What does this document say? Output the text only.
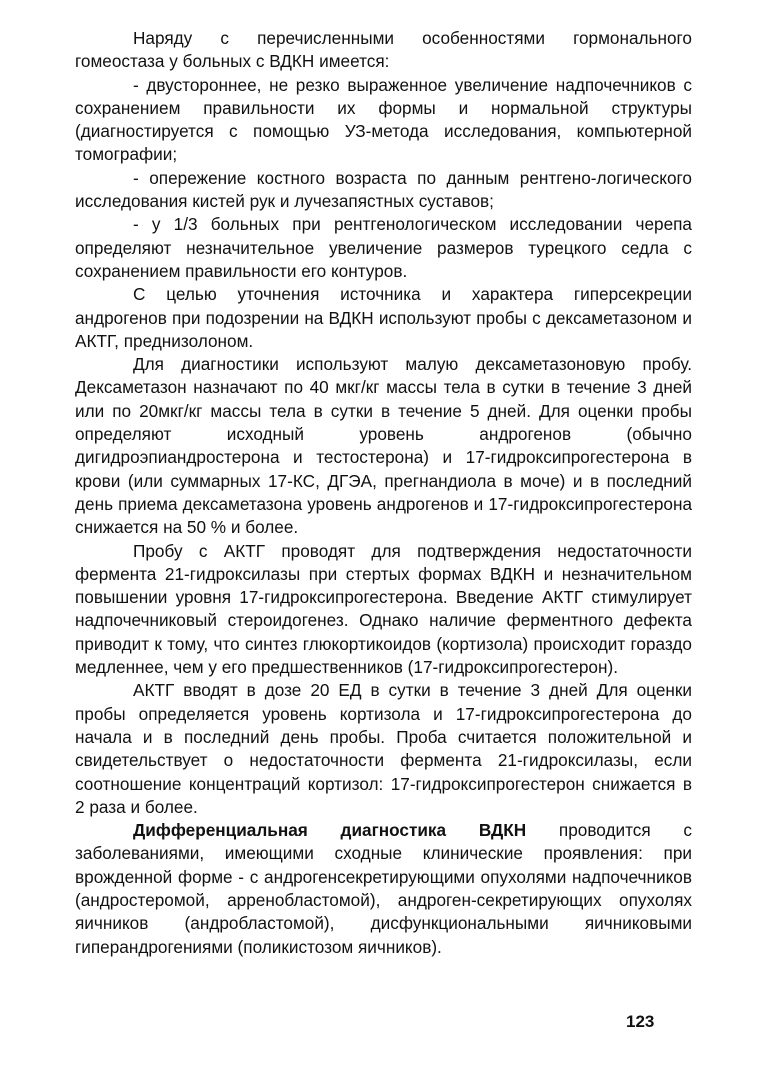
Наряду с перечисленными особенностями гормонального гомеостаза у больных с ВДКН имеется:

- двустороннее, не резко выраженное увеличение надпочечников с сохранением правильности их формы и нормальной структуры (диагностируется с помощью УЗ-метода исследования, компьютерной томографии;

- опережение костного возраста по данным рентгено-логического исследования кистей рук и лучезапястных суставов;

- у 1/3 больных при рентгенологическом исследовании черепа определяют незначительное увеличение размеров турецкого седла с сохранением правильности его контуров.

С целью уточнения источника и характера гиперсекреции андрогенов при подозрении на ВДКН используют пробы с дексаметазоном и АКТГ, преднизолоном.

Для диагностики используют малую дексаметазоновую пробу. Дексаметазон назначают по 40 мкг/кг массы тела в сутки в течение 3 дней или по 20мкг/кг массы тела в сутки в течение 5 дней. Для оценки пробы определяют исходный уровень андрогенов (обычно дигидроэпиандростерона и тестостерона) и 17-гидроксипрогестерона в крови (или суммарных 17-КС, ДГЭА, прегнандиола в моче) и в последний день приема дексаметазона уровень андрогенов и 17-гидроксипрогестерона снижается на 50 % и более.

Пробу с АКТГ проводят для подтверждения недостаточности фермента 21-гидроксилазы при стертых формах ВДКН и незначительном повышении уровня 17-гидроксипрогестерона. Введение АКТГ стимулирует надпочечниковый стероидогенез. Однако наличие ферментного дефекта приводит к тому, что синтез глюкортикоидов (кортизола) происходит гораздо медленнее, чем у его предшественников (17-гидроксипрогестерон).

АКТГ вводят в дозе 20 ЕД в сутки в течение 3 дней Для оценки пробы определяется уровень кортизола и 17-гидроксипрогестерона до начала и в последний день пробы. Проба считается положительной и свидетельствует о недостаточности фермента 21-гидроксилазы, если соотношение концентраций кортизол: 17-гидроксипрогестерон снижается в 2 раза и более.

Дифференциальная диагностика ВДКН проводится с заболеваниями, имеющими сходные клинические проявления: при врожденной форме - с андрогенсекретирующими опухолями надпочечников (андростеромой, арренобластомой), андроген-секретирующих опухолях яичников (андробластомой), дисфункциональными яичниковыми гиперандрогениями (поликистозом яичников).

123
